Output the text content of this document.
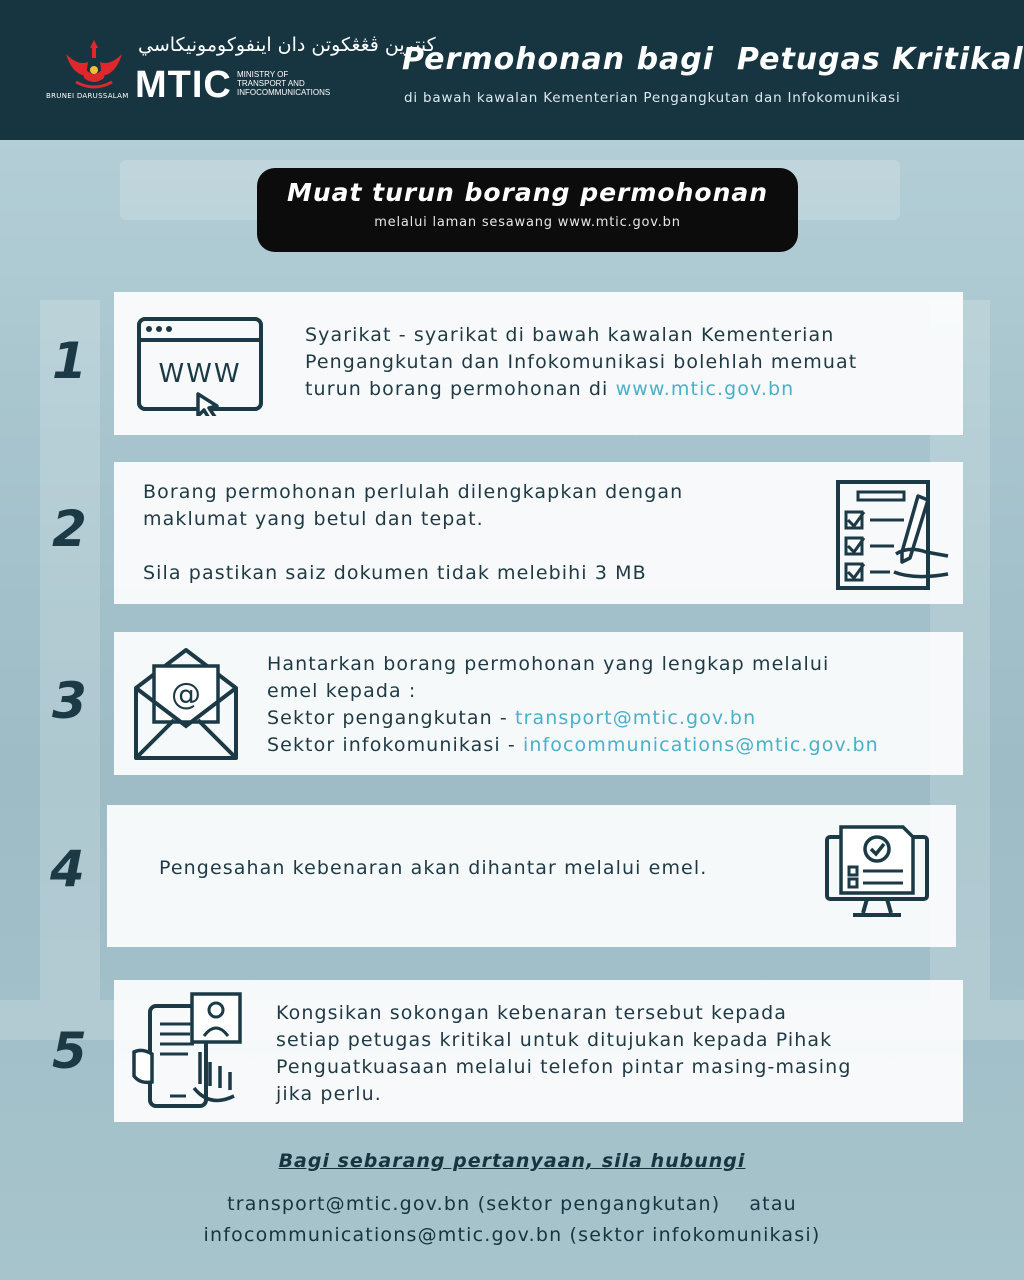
BRUNEI DARUSSALAM
كنترين ڤڠڠكوتن دان اينفوكومونيكاسي
MTIC MINISTRY OF
TRANSPORT AND
INFOCOMMUNICATIONS
Permohonan bagi  Petugas Kritikal
di bawah kawalan Kementerian Pengangkutan dan Infokomunikasi
Muat turun borang permohonan
melalui laman sesawang www.mtic.gov.bn
1	WWW
Syarikat - syarikat di bawah kawalan Kementerian
Pengangkutan dan Infokomunikasi bolehlah memuat
turun borang permohonan di www.mtic.gov.bn
2
Borang permohonan perlulah dilengkapkan dengan
maklumat yang betul dan tepat.
Sila pastikan saiz dokumen tidak melebihi 3 MB
3	@
Hantarkan borang permohonan yang lengkap melalui
emel kepada :
Sektor pengangkutan - transport@mtic.gov.bn
Sektor infokomunikasi - infocommunications@mtic.gov.bn
4	Pengesahan kebenaran akan dihantar melalui emel.
5
Kongsikan sokongan kebenaran tersebut kepada
setiap petugas kritikal untuk ditujukan kepada Pihak
Penguatkuasaan melalui telefon pintar masing-masing
jika perlu.
Bagi sebarang pertanyaan, sila hubungi
transport@mtic.gov.bn (sektor pengangkutan)    atau
infocommunications@mtic.gov.bn (sektor infokomunikasi)
